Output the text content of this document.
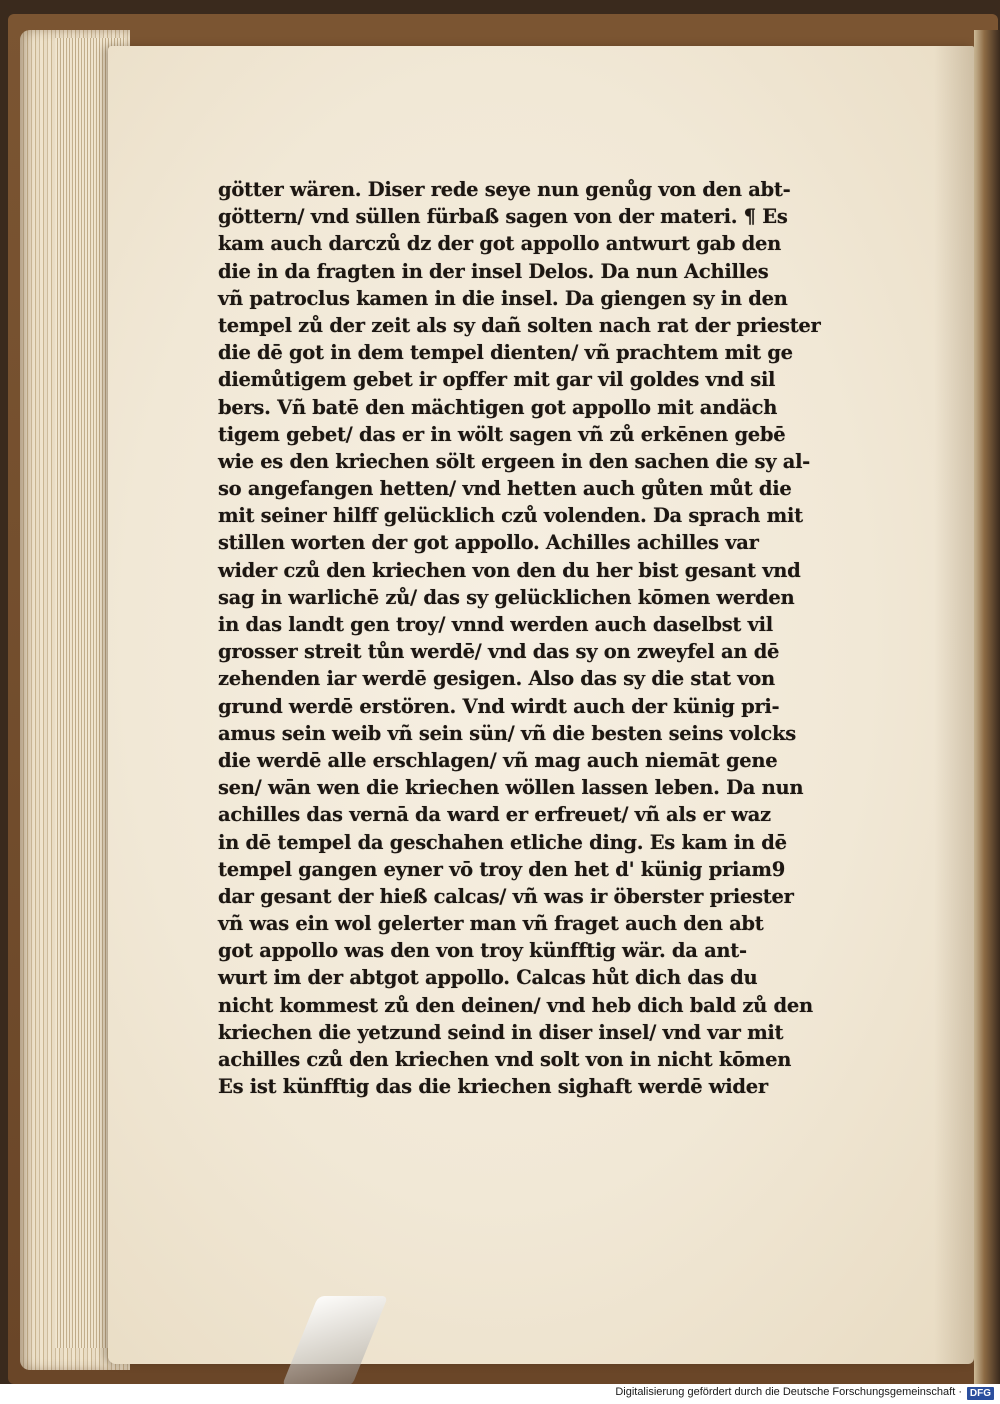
götter wären. Diser rede seye nun genůg von den abt-
göttern/ vnd süllen fürbaß sagen von der materi. ¶ Es
kam auch darczů dz der got appollo antwurt gab den
die in da fragten in der insel Delos. Da nun Achilles
vñ patroclus kamen in die insel. Da giengen sy in den
tempel zů der zeit als sy dañ solten nach rat der priester
die dē got in dem tempel dienten/ vñ prachtem mit ge
diemůtigem gebet ir opffer mit gar vil goldes vnd sil
bers. Vñ batē den mächtigen got appollo mit andäch
tigem gebet/ das er in wölt sagen vñ zů erkēnen gebē
wie es den kriechen sölt ergeen in den sachen die sy al-
so angefangen hetten/ vnd hetten auch gůten můt die
mit seiner hilff gelücklich czů volenden. Da sprach mit
stillen worten der got appollo. Achilles achilles var
wider czů den kriechen von den du her bist gesant vnd
sag in warlichē zů/ das sy gelücklichen kōmen werden
in das landt gen troy/ vnnd werden auch daselbst vil
grosser streit tůn werdē/ vnd das sy on zweyfel an dē
zehenden iar werdē gesigen. Also das sy die stat von
grund werdē erstören. Vnd wirdt auch der künig pri-
amus sein weib vñ sein sün/ vñ die besten seins volcks
die werdē alle erschlagen/ vñ mag auch niemāt gene
sen/ wān wen die kriechen wöllen lassen leben. Da nun
achilles das vernā da ward er erfreuet/ vñ als er waz
in dē tempel da geschahen etliche ding. Es kam in dē
tempel gangen eyner vō troy den het d' künig priam9
dar gesant der hieß calcas/ vñ was ir öberster priester
vñ was ein wol gelerter man vñ fraget auch den abt
got appollo was den von troy künfftig wär. da ant-
wurt im der abtgot appollo. Calcas hůt dich das du
nicht kommest zů den deinen/ vnd heb dich bald zů den
kriechen die yetzund seind in diser insel/ vnd var mit
achilles czů den kriechen vnd solt von in nicht kōmen
Es ist künfftig das die kriechen sighaft werdē wider
Digitalisierung gefördert durch die Deutsche Forschungsgemeinschaft · DFG
